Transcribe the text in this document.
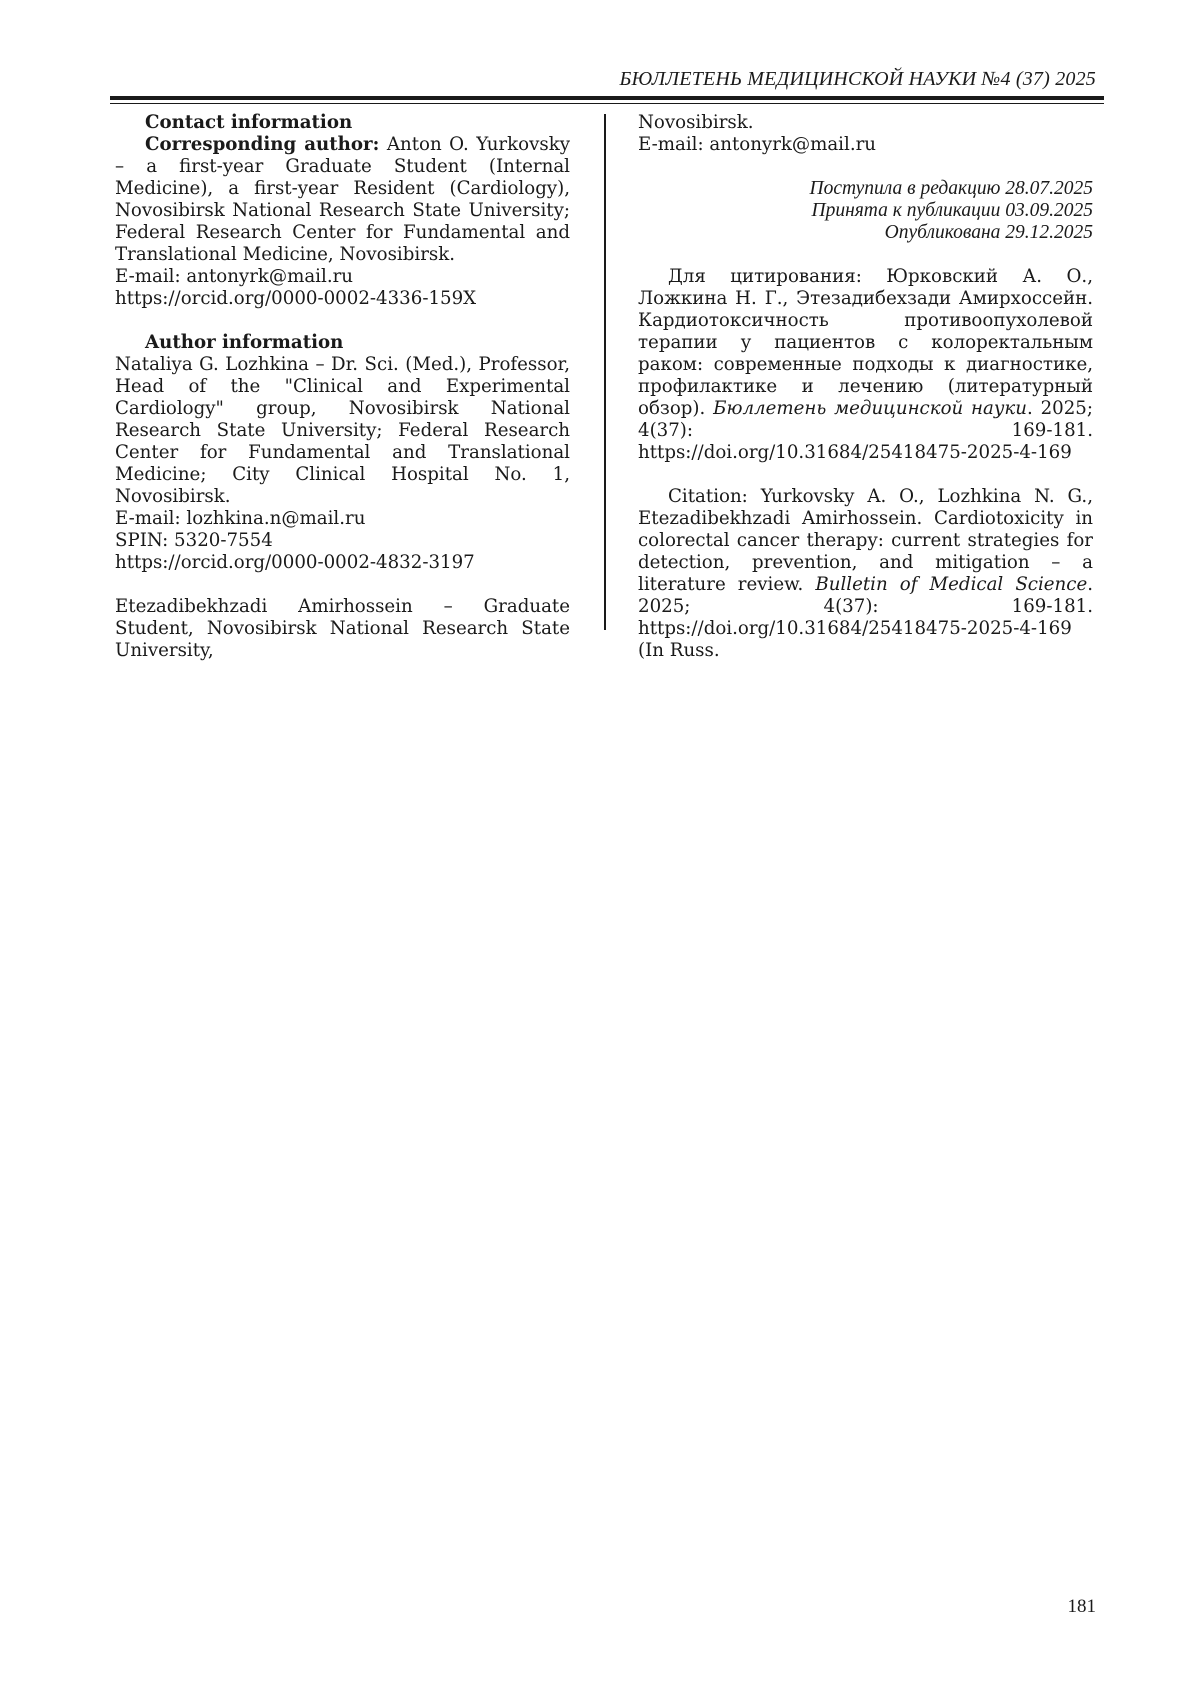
БЮЛЛЕТЕНЬ МЕДИЦИНСКОЙ НАУКИ №4 (37) 2025

Contact information

Corresponding author: Anton O. Yurkovsky – a first-year Graduate Student (Internal Medicine), a first-year Resident (Cardiology), Novosibirsk National Research State University; Federal Research Center for Fundamental and Translational Medicine, Novosibirsk.

E-mail: antonyrk@mail.ru

https://orcid.org/0000-0002-4336-159X

Author information

Nataliya G. Lozhkina – Dr. Sci. (Med.), Professor, Head of the "Clinical and Experimental Cardiology" group, Novosibirsk National Research State University; Federal Research Center for Fundamental and Translational Medicine; City Clinical Hospital No. 1, Novosibirsk.

E-mail: lozhkina.n@mail.ru

SPIN: 5320-7554

https://orcid.org/0000-0002-4832-3197

Etezadibekhzadi Amirhossein – Graduate Student, Novosibirsk National Research State University,

Novosibirsk.

E-mail: antonyrk@mail.ru

Поступила в редакцию 28.07.2025

Принята к публикации 03.09.2025

Опубликована 29.12.2025

Для цитирования: Юрковский А. О., Ложкина Н. Г., Этезадибехзади Амирхоссейн. Кардиотоксичность противоопухолевой терапии у пациентов с колоректальным раком: современные подходы к диагностике, профилактике и лечению (литературный обзор). Бюллетень медицинской науки. 2025; 4(37): 169-181. https://doi.org/10.31684/25418475-2025-4-169

Citation: Yurkovsky A. O., Lozhkina N. G., Etezadibekhzadi Amirhossein. Cardiotoxicity in colorectal cancer therapy: current strategies for detection, prevention, and mitigation – a literature review. Bulletin of Medical Science. 2025; 4(37): 169-181. https://doi.org/10.31684/25418475-2025-4-169 (In Russ.

181
